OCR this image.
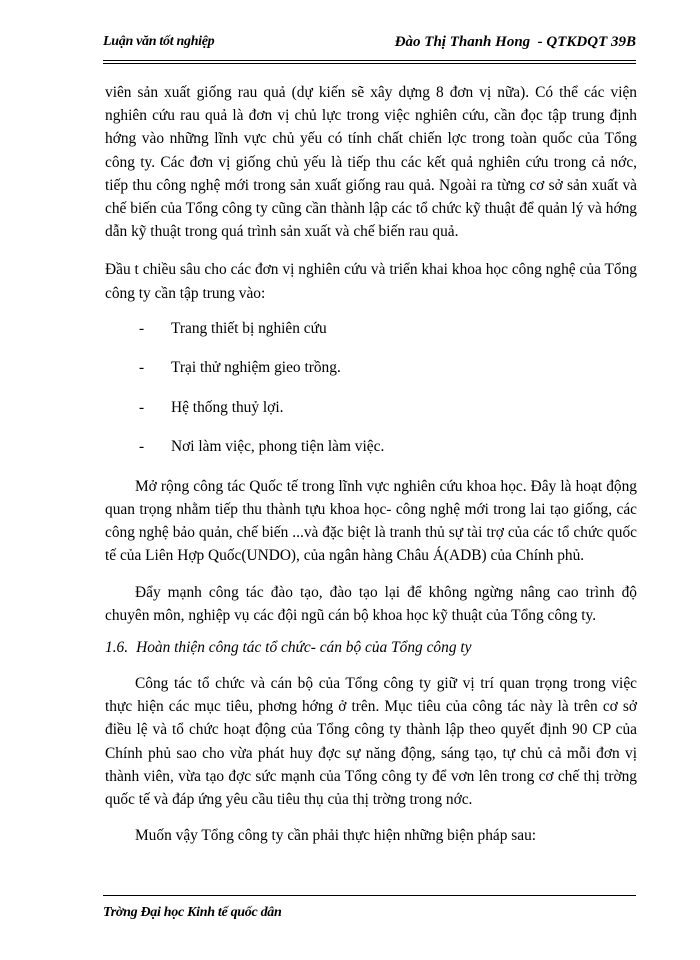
Luận văn tốt nghiệp	Đào Thị Thanh Hong  - QTKDQT 39B

viên sản xuất giống rau quả (dự kiến sẽ xây dựng 8 đơn vị nữa). Có thể các viện nghiên cứu rau quả là đơn vị chủ lực trong việc nghiên cứu, cần đọc tập trung định hớng vào những lĩnh vực chủ yếu có tính chất chiến lợc trong toàn quốc của Tổng công ty. Các đơn vị giống chủ yếu là tiếp thu các kết quả nghiên cứu trong cả nớc, tiếp thu công nghệ mới trong sản xuất giống rau quả. Ngoài ra từng cơ sở sản xuất và chế biến của Tổng công ty cũng cần thành lập các tổ chức kỹ thuật để quản lý và hớng dẫn kỹ thuật trong quá trình sản xuất và chế biến rau quả.

Đầu t chiều sâu cho các đơn vị nghiên cứu và triển khai khoa học công nghệ của Tổng công ty cần tập trung vào:

-	Trang thiết bị nghiên cứu
-	Trại thử nghiệm gieo trồng.
-	Hệ thống thuỷ lợi.
-	Nơi làm việc, phong tiện làm việc.

Mở rộng công tác Quốc tế trong lĩnh vực nghiên cứu khoa học. Đây là hoạt động quan trọng nhằm tiếp thu thành tựu khoa học- công nghệ mới trong lai tạo giống, các công nghệ bảo quản, chế biến ...và đặc biệt là tranh thủ sự tài trợ của các tổ chức quốc tế của Liên Hợp Quốc(UNDO), của ngân hàng Châu Á(ADB) của Chính phủ.

Đẩy mạnh công tác đào tạo, đào tạo lại để không ngừng nâng cao trình độ chuyên môn, nghiệp vụ các đội ngũ cán bộ khoa học kỹ thuật của Tổng công ty.

1.6. Hoàn thiện công tác tổ chức- cán bộ của Tổng công ty

Công tác tổ chức và cán bộ của Tổng công ty giữ vị trí quan trọng trong việc thực hiện các mục tiêu, phơng hớng ở trên. Mục tiêu của công tác này là trên cơ sở điều lệ và tổ chức hoạt động của Tổng công ty thành lập theo quyết định 90 CP của Chính phủ sao cho vừa phát huy đợc sự năng động, sáng tạo, tự chủ cả mỗi đơn vị thành viên, vừa tạo đợc sức mạnh của Tổng công ty để vơn lên trong cơ chế thị trờng quốc tế và đáp ứng yêu cầu tiêu thụ của thị trờng trong nớc.

Muốn vậy Tổng công ty cần phải thực hiện những biện pháp sau:

Trờng Đại học Kinh tế quốc dân
